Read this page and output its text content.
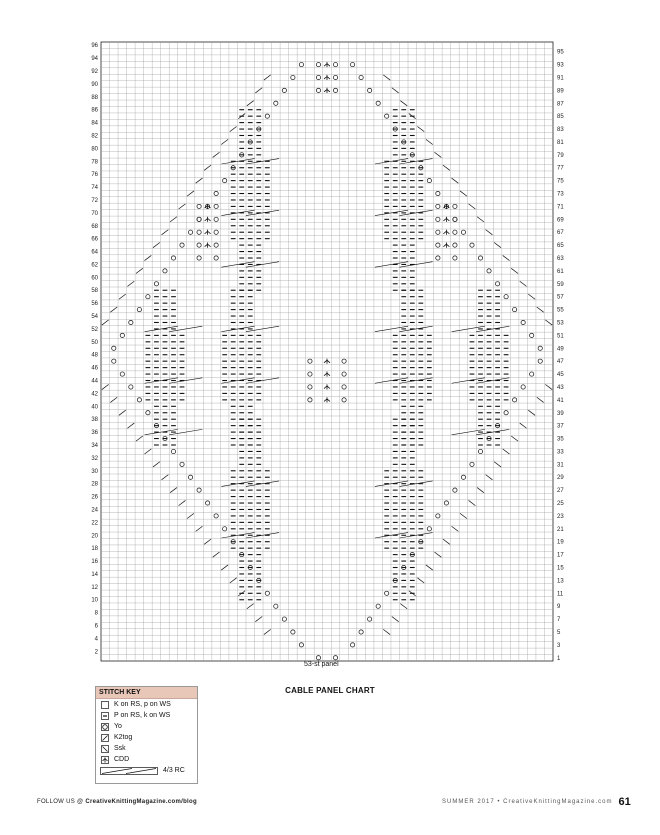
2
4
6
8
10
12
14
16
18
20
22
24
26
28
30
32
34
36
38
40
42
44
46
48
50
52
54
56
58
60
62
64
66
68
70
72
74
76
78
80
82
84
86
88
90
92
94
96
1
3
5
7
9
11
13
15
17
19
21
23
25
27
29
31
33
35
37
39
41
43
45
47
49
51
53
55
57
59
61
63
65
67
69
71
73
75
77
79
81
83
85
87
89
91
93
95
53-st panel
CABLE PANEL CHART
STITCH KEY
K on RS, p on WS
P on RS, k on WS
Yo
K2tog
Ssk
CDD
4/3 RC
FOLLOW US @ CreativeKnittingMagazine.com/blog	SUMMER 2017 • CreativeKnittingMagazine.com 61
